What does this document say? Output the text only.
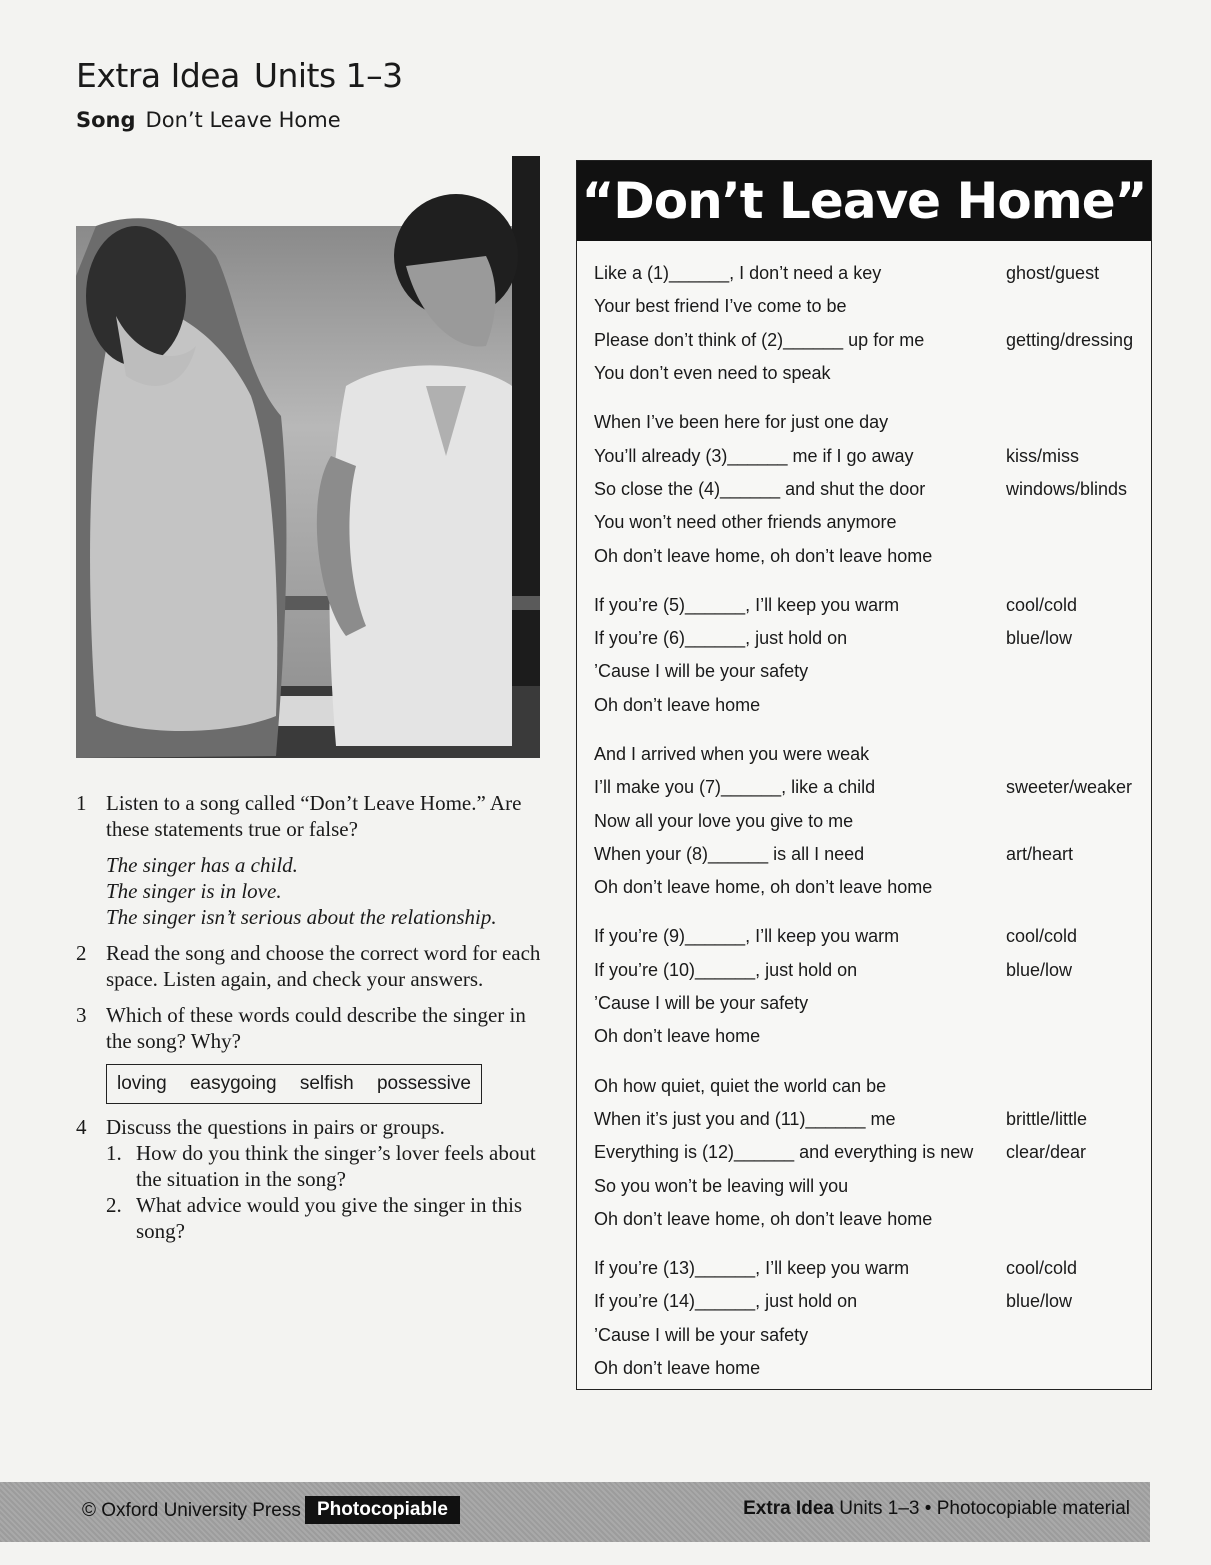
Extra Idea Units 1–3
Song Don’t Leave Home
1 Listen to a song called “Don’t Leave Home.” Are these statements true or false?
The singer has a child.
The singer is in love.
The singer isn’t serious about the relationship.
2 Read the song and choose the correct word for each space. Listen again, and check your answers.
3 Which of these words could describe the singer in the song? Why?
loving easygoing selfish possessive
4 Discuss the questions in pairs or groups.
1. How do you think the singer’s lover feels about the situation in the song?
2. What advice would you give the singer in this song?
“Don’t Leave Home”
Like a (1)______, I don’t need a key	ghost/guest
Your best friend I’ve come to be
Please don’t think of (2)______ up for me	getting/dressing
You don’t even need to speak
When I’ve been here for just one day
You’ll already (3)______ me if I go away	kiss/miss
So close the (4)______ and shut the door	windows/blinds
You won’t need other friends anymore
Oh don’t leave home, oh don’t leave home
If you’re (5)______, I’ll keep you warm	cool/cold
If you’re (6)______, just hold on	blue/low
’Cause I will be your safety
Oh don’t leave home
And I arrived when you were weak
I’ll make you (7)______, like a child	sweeter/weaker
Now all your love you give to me
When your (8)______ is all I need	art/heart
Oh don’t leave home, oh don’t leave home
If you’re (9)______, I’ll keep you warm	cool/cold
If you’re (10)______, just hold on	blue/low
’Cause I will be your safety
Oh don’t leave home
Oh how quiet, quiet the world can be
When it’s just you and (11)______ me	brittle/little
Everything is (12)______ and everything is new	clear/dear
So you won’t be leaving will you
Oh don’t leave home, oh don’t leave home
If you’re (13)______, I’ll keep you warm	cool/cold
If you’re (14)______, just hold on	blue/low
’Cause I will be your safety
Oh don’t leave home
© Oxford University Press Photocopiable	Extra Idea Units 1–3 • Photocopiable material
